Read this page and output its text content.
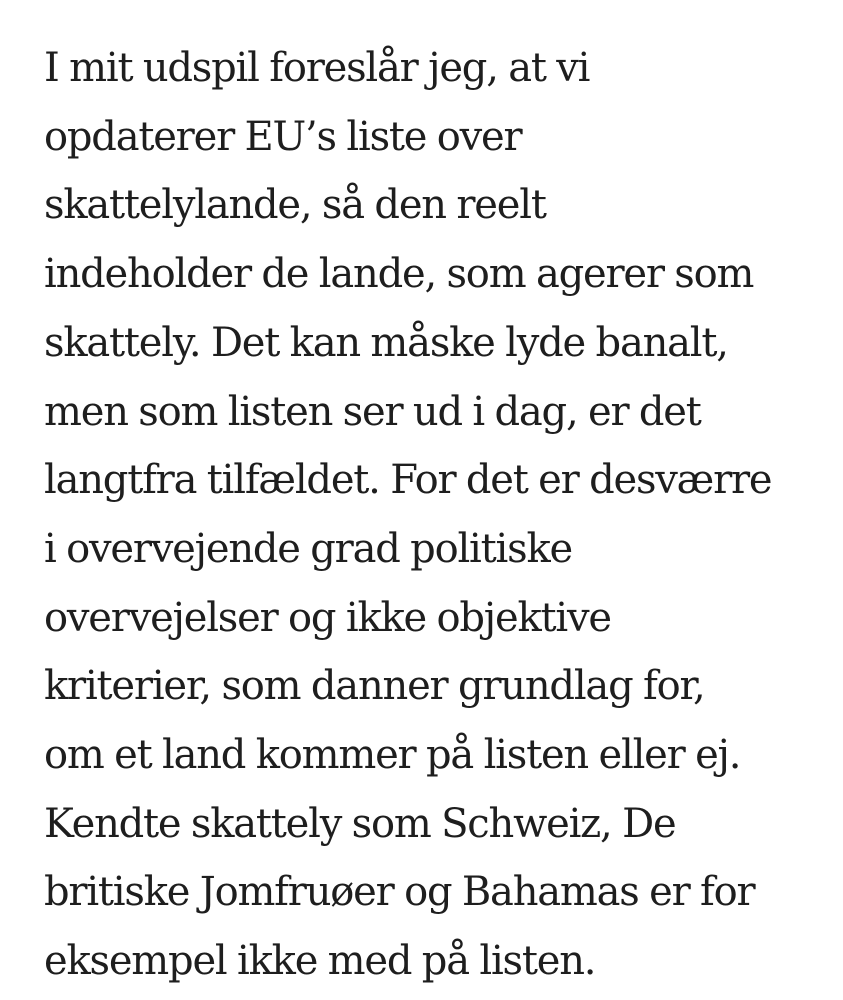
I mit udspil foreslår jeg, at vi
opdaterer EU’s liste over
skattelylande, så den reelt
indeholder de lande, som agerer som
skattely. Det kan måske lyde banalt,
men som listen ser ud i dag, er det
langtfra tilfældet. For det er desværre
i overvejende grad politiske
overvejelser og ikke objektive
kriterier, som danner grundlag for,
om et land kommer på listen eller ej.
Kendte skattely som Schweiz, De
britiske Jomfruøer og Bahamas er for
eksempel ikke med på listen.
